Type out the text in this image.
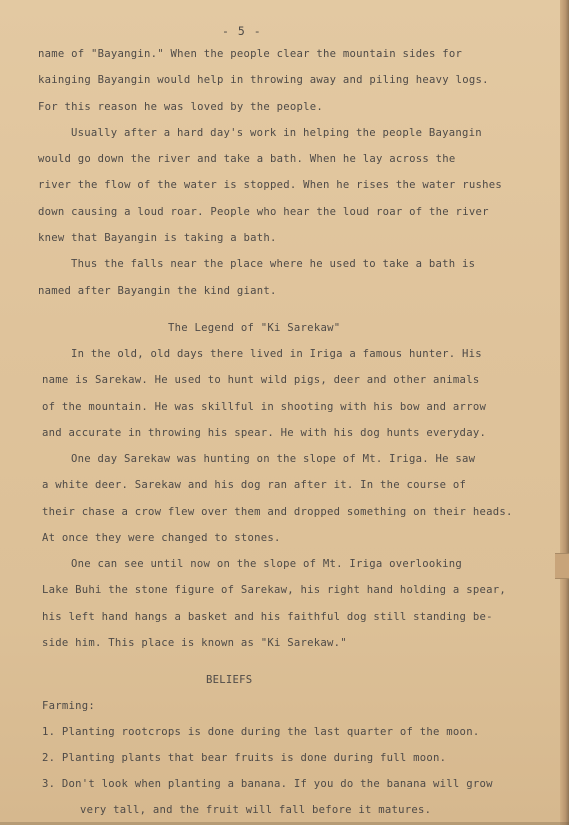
- 5 -
name of "Bayangin." When the people clear the mountain sides for
kainging Bayangin would help in throwing away and piling heavy logs.
For this reason he was loved by the people.
Usually after a hard day's work in helping the people Bayangin
would go down the river and take a bath. When he lay across the
river the flow of the water is stopped. When he rises the water rushes
down causing a loud roar. People who hear the loud roar of the river
knew that Bayangin is taking a bath.
Thus the falls near the place where he used to take a bath is
named after Bayangin the kind giant.
The Legend of "Ki Sarekaw"
In the old, old days there lived in Iriga a famous hunter. His
name is Sarekaw. He used to hunt wild pigs, deer and other animals
of the mountain. He was skillful in shooting with his bow and arrow
and accurate in throwing his spear. He with his dog hunts everyday.
One day Sarekaw was hunting on the slope of Mt. Iriga. He saw
a white deer. Sarekaw and his dog ran after it. In the course of
their chase a crow flew over them and dropped something on their heads.
At once they were changed to stones.
One can see until now on the slope of Mt. Iriga overlooking
Lake Buhi the stone figure of Sarekaw, his right hand holding a spear,
his left hand hangs a basket and his faithful dog still standing be-
side him. This place is known as "Ki Sarekaw."
BELIEFS
Farming:
1. Planting rootcrops is done during the last quarter of the moon.
2. Planting plants that bear fruits is done during full moon.
3. Don't look when planting a banana. If you do the banana will grow
very tall, and the fruit will fall before it matures.
